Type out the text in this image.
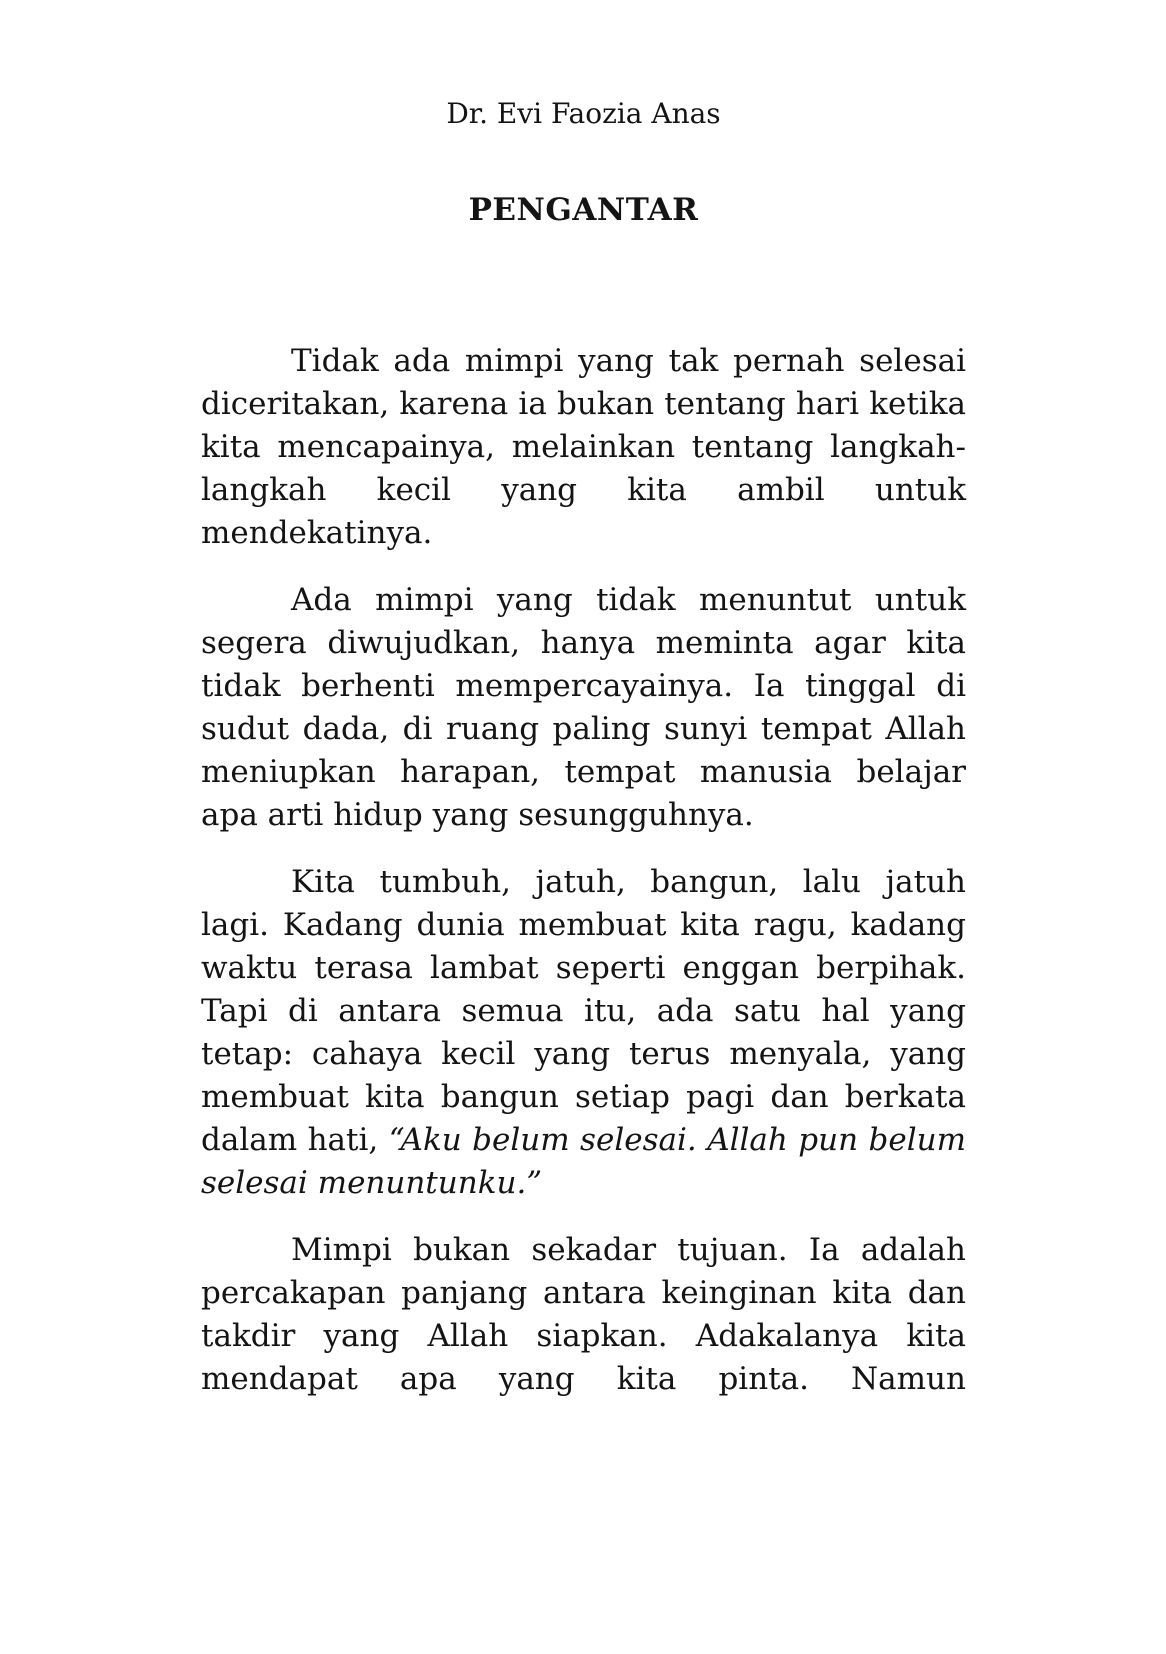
Dr. Evi Faozia Anas
PENGANTAR

Tidak ada mimpi yang tak pernah selesai diceritakan, karena ia bukan tentang hari ketika kita mencapainya, melainkan tentang langkah-langkah kecil yang kita ambil untuk mendekatinya.

Ada mimpi yang tidak menuntut untuk segera diwujudkan, hanya meminta agar kita tidak berhenti mempercayainya. Ia tinggal di sudut dada, di ruang paling sunyi tempat Allah meniupkan harapan, tempat manusia belajar apa arti hidup yang sesungguhnya.

Kita tumbuh, jatuh, bangun, lalu jatuh lagi. Kadang dunia membuat kita ragu, kadang waktu terasa lambat seperti enggan berpihak. Tapi di antara semua itu, ada satu hal yang tetap: cahaya kecil yang terus menyala, yang membuat kita bangun setiap pagi dan berkata dalam hati, “Aku belum selesai. Allah pun belum selesai menuntunku.”

Mimpi bukan sekadar tujuan. Ia adalah percakapan panjang antara keinginan kita dan takdir yang Allah siapkan. Adakalanya kita mendapat apa yang kita pinta. Namun
